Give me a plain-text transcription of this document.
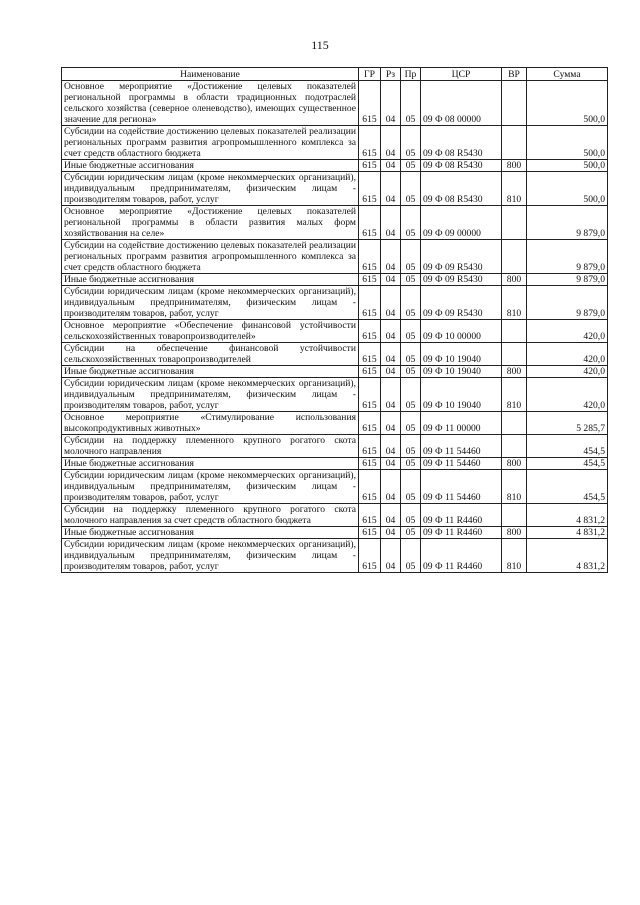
115
Наименование	ГР	Рз	Пр	ЦСР	ВР	Сумма
Основное мероприятие «Достижение целевых показателей региональной программы в области традиционных подотраслей сельского хозяйства (северное оленеводство), имеющих существенное значение для региона»	615	04	05	09 Ф 08 00000		500,0
Субсидии на содействие достижению целевых показателей реализации региональных программ развития агропромышленного комплекса за счет средств областного бюджета	615	04	05	09 Ф 08 R5430		500,0
Иные бюджетные ассигнования	615	04	05	09 Ф 08 R5430	800	500,0
Субсидии юридическим лицам (кроме некоммерческих организаций), индивидуальным предпринимателям, физическим лицам - производителям товаров, работ, услуг	615	04	05	09 Ф 08 R5430	810	500,0
Основное мероприятие «Достижение целевых показателей региональной программы в области развития малых форм хозяйствования на селе»	615	04	05	09 Ф 09 00000		9 879,0
Субсидии на содействие достижению целевых показателей реализации региональных программ развития агропромышленного комплекса за счет средств областного бюджета	615	04	05	09 Ф 09 R5430		9 879,0
Иные бюджетные ассигнования	615	04	05	09 Ф 09 R5430	800	9 879,0
Субсидии юридическим лицам (кроме некоммерческих организаций), индивидуальным предпринимателям, физическим лицам - производителям товаров, работ, услуг	615	04	05	09 Ф 09 R5430	810	9 879,0
Основное мероприятие «Обеспечение финансовой устойчивости сельскохозяйственных товаропроизводителей»	615	04	05	09 Ф 10 00000		420,0
Субсидии на обеспечение финансовой устойчивости сельскохозяйственных товаропроизводителей	615	04	05	09 Ф 10 19040		420,0
Иные бюджетные ассигнования	615	04	05	09 Ф 10 19040	800	420,0
Субсидии юридическим лицам (кроме некоммерческих организаций), индивидуальным предпринимателям, физическим лицам - производителям товаров, работ, услуг	615	04	05	09 Ф 10 19040	810	420,0
Основное мероприятие «Стимулирование использования высокопродуктивных животных»	615	04	05	09 Ф 11 00000		5 285,7
Субсидии на поддержку племенного крупного рогатого скота молочного направления	615	04	05	09 Ф 11 54460		454,5
Иные бюджетные ассигнования	615	04	05	09 Ф 11 54460	800	454,5
Субсидии юридическим лицам (кроме некоммерческих организаций), индивидуальным предпринимателям, физическим лицам - производителям товаров, работ, услуг	615	04	05	09 Ф 11 54460	810	454,5
Субсидии на поддержку племенного крупного рогатого скота молочного направления за счет средств областного бюджета	615	04	05	09 Ф 11 R4460		4 831,2
Иные бюджетные ассигнования	615	04	05	09 Ф 11 R4460	800	4 831,2
Субсидии юридическим лицам (кроме некоммерческих организаций), индивидуальным предпринимателям, физическим лицам - производителям товаров, работ, услуг	615	04	05	09 Ф 11 R4460	810	4 831,2
